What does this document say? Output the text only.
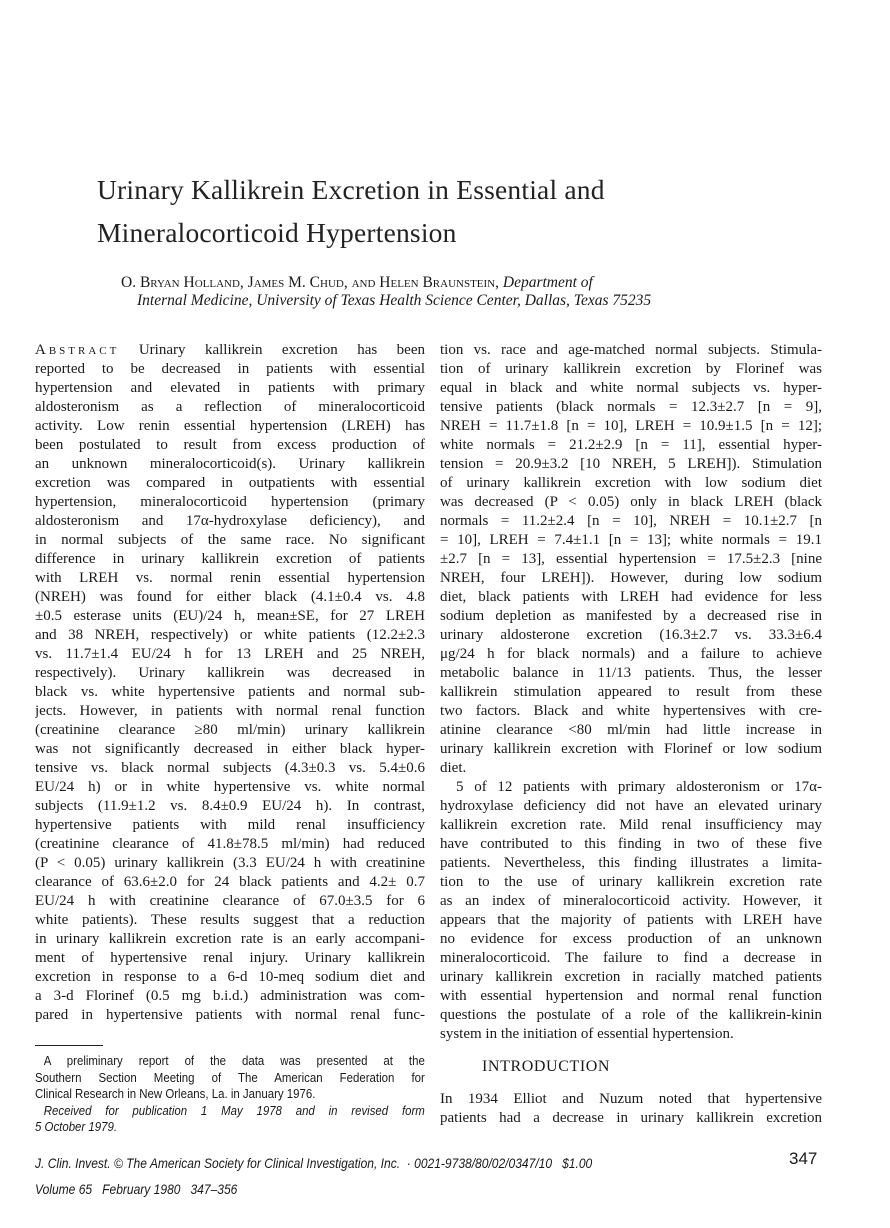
Urinary Kallikrein Excretion in Essential and
Mineralocorticoid Hypertension
O. Bryan Holland, James M. Chud, and Helen Braunstein, Department of
Internal Medicine, University of Texas Health Science Center, Dallas, Texas 75235
Abstract Urinary kallikrein excretion has been
reported to be decreased in patients with essential
hypertension and elevated in patients with primary
aldosteronism as a reflection of mineralocorticoid
activity. Low renin essential hypertension (LREH) has
been postulated to result from excess production of
an unknown mineralocorticoid(s). Urinary kallikrein
excretion was compared in outpatients with essential
hypertension, mineralocorticoid hypertension (primary
aldosteronism and 17α-hydroxylase deficiency), and
in normal subjects of the same race. No significant
difference in urinary kallikrein excretion of patients
with LREH vs. normal renin essential hypertension
(NREH) was found for either black (4.1±0.4 vs. 4.8
±0.5 esterase units (EU)/24 h, mean±SE, for 27 LREH
and 38 NREH, respectively) or white patients (12.2±2.3
vs. 11.7±1.4 EU/24 h for 13 LREH and 25 NREH,
respectively). Urinary kallikrein was decreased in
black vs. white hypertensive patients and normal sub-
jects. However, in patients with normal renal function
(creatinine clearance ≥80 ml/min) urinary kallikrein
was not significantly decreased in either black hyper-
tensive vs. black normal subjects (4.3±0.3 vs. 5.4±0.6
EU/24 h) or in white hypertensive vs. white normal
subjects (11.9±1.2 vs. 8.4±0.9 EU/24 h). In contrast,
hypertensive patients with mild renal insufficiency
(creatinine clearance of 41.8±78.5 ml/min) had reduced
(P < 0.05) urinary kallikrein (3.3 EU/24 h with creatinine
clearance of 63.6±2.0 for 24 black patients and 4.2± 0.7
EU/24 h with creatinine clearance of 67.0±3.5 for 6
white patients). These results suggest that a reduction
in urinary kallikrein excretion rate is an early accompani-
ment of hypertensive renal injury. Urinary kallikrein
excretion in response to a 6-d 10-meq sodium diet and
a 3-d Florinef (0.5 mg b.i.d.) administration was com-
pared in hypertensive patients with normal renal func-
tion vs. race and age-matched normal subjects. Stimula-
tion of urinary kallikrein excretion by Florinef was
equal in black and white normal subjects vs. hyper-
tensive patients (black normals = 12.3±2.7 [n = 9],
NREH = 11.7±1.8 [n = 10], LREH = 10.9±1.5 [n = 12];
white normals = 21.2±2.9 [n = 11], essential hyper-
tension = 20.9±3.2 [10 NREH, 5 LREH]). Stimulation
of urinary kallikrein excretion with low sodium diet
was decreased (P < 0.05) only in black LREH (black
normals = 11.2±2.4 [n = 10], NREH = 10.1±2.7 [n
= 10], LREH = 7.4±1.1 [n = 13]; white normals = 19.1
±2.7 [n = 13], essential hypertension = 17.5±2.3 [nine
NREH, four LREH]). However, during low sodium
diet, black patients with LREH had evidence for less
sodium depletion as manifested by a decreased rise in
urinary aldosterone excretion (16.3±2.7 vs. 33.3±6.4
μg/24 h for black normals) and a failure to achieve
metabolic balance in 11/13 patients. Thus, the lesser
kallikrein stimulation appeared to result from these
two factors. Black and white hypertensives with cre-
atinine clearance <80 ml/min had little increase in
urinary kallikrein excretion with Florinef or low sodium
diet.
5 of 12 patients with primary aldosteronism or 17α-
hydroxylase deficiency did not have an elevated urinary
kallikrein excretion rate. Mild renal insufficiency may
have contributed to this finding in two of these five
patients. Nevertheless, this finding illustrates a limita-
tion to the use of urinary kallikrein excretion rate
as an index of mineralocorticoid activity. However, it
appears that the majority of patients with LREH have
no evidence for excess production of an unknown
mineralocorticoid. The failure to find a decrease in
urinary kallikrein excretion in racially matched patients
with essential hypertension and normal renal function
questions the postulate of a role of the kallikrein-kinin
system in the initiation of essential hypertension.
A preliminary report of the data was presented at the
Southern Section Meeting of The American Federation for
Clinical Research in New Orleans, La. in January 1976.
Received for publication 1 May 1978 and in revised form
5 October 1979.
INTRODUCTION
In 1934 Elliot and Nuzum noted that hypertensive
patients had a decrease in urinary kallikrein excretion
J. Clin. Invest. © The American Society for Clinical Investigation, Inc.  · 0021-9738/80/02/0347/10   $1.00
Volume 65   February 1980   347–356
347
